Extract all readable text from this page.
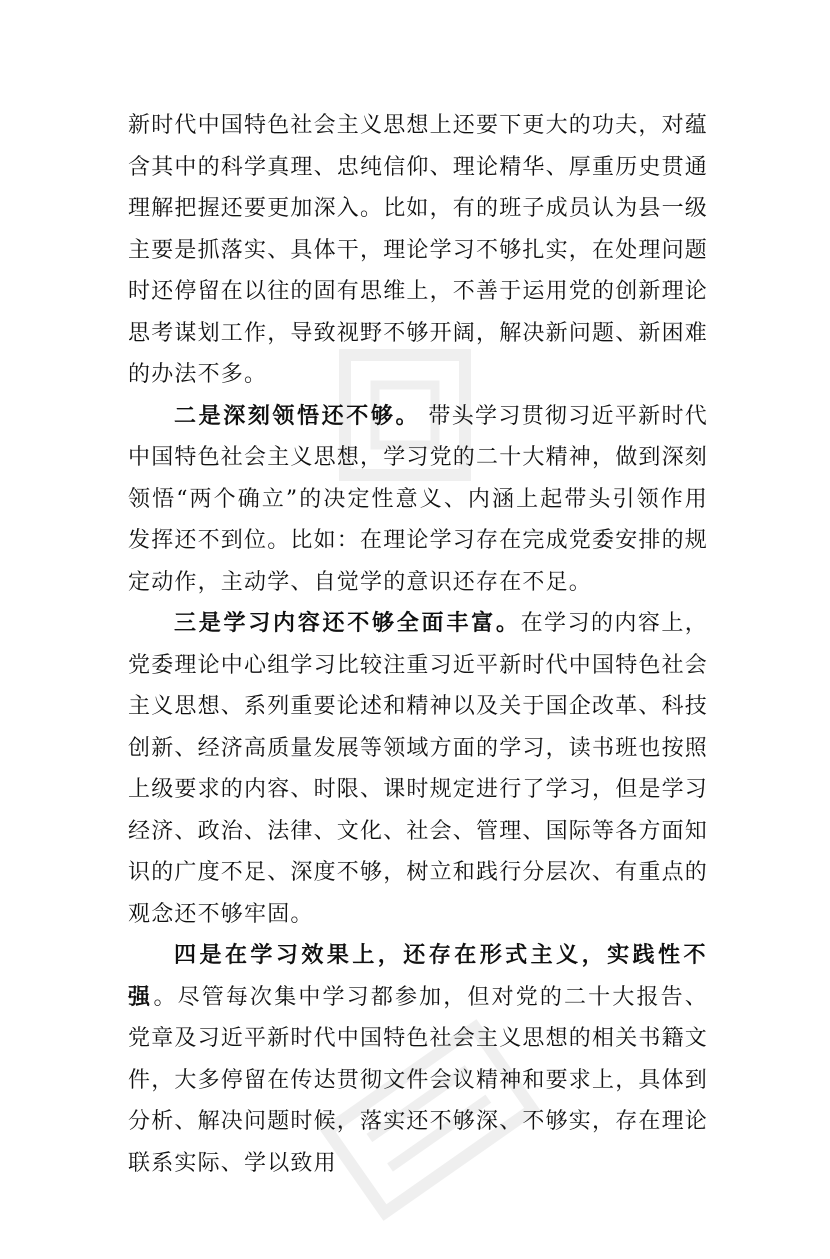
新时代中国特色社会主义思想上还要下更大的功夫，对蕴含其中的科学真理、忠纯信仰、理论精华、厚重历史贯通理解把握还要更加深入。比如，有的班子成员认为县一级主要是抓落实、具体干，理论学习不够扎实，在处理问题时还停留在以往的固有思维上，不善于运用党的创新理论思考谋划工作，导致视野不够开阔，解决新问题、新困难的办法不多。

二是深刻领悟还不够。 带头学习贯彻习近平新时代中国特色社会主义思想，学习党的二十大精神，做到深刻领悟“两个确立”的决定性意义、内涵上起带头引领作用发挥还不到位。比如：在理论学习存在完成党委安排的规定动作，主动学、自觉学的意识还存在不足。

三是学习内容还不够全面丰富。在学习的内容上，党委理论中心组学习比较注重习近平新时代中国特色社会主义思想、系列重要论述和精神以及关于国企改革、科技创新、经济高质量发展等领域方面的学习，读书班也按照上级要求的内容、时限、课时规定进行了学习，但是学习经济、政治、法律、文化、社会、管理、国际等各方面知识的广度不足、深度不够，树立和践行分层次、有重点的观念还不够牢固。

四是在学习效果上，还存在形式主义，实践性不强。尽管每次集中学习都参加，但对党的二十大报告、党章及习近平新时代中国特色社会主义思想的相关书籍文件，大多停留在传达贯彻文件会议精神和要求上，具体到分析、解决问题时候，落实还不够深、不够实，存在理论联系实际、学以致用
